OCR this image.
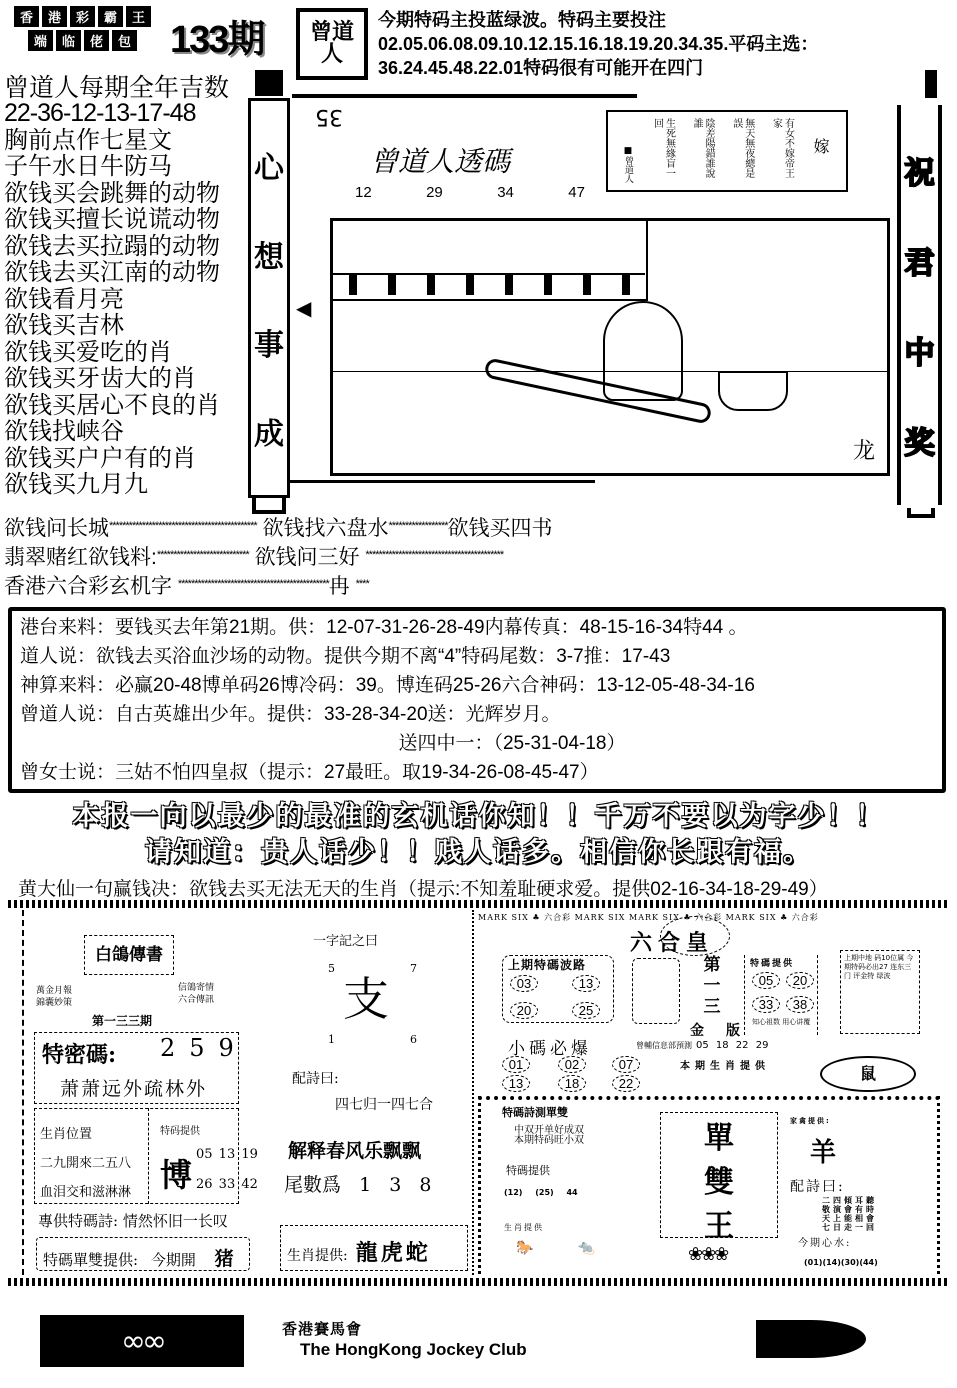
香	港	彩	霸	王
端	临	佬	包 133期	曾道人
今期特码主投蓝绿波。特码主要投注02.05.06.08.09.10.12.15.16.18.19.20.34.35.平码主选：36.24.45.48.22.01特码很有可能开在四门
曾道人每期全年吉数
22-36-12-13-17-48
胸前点作七星文
子午水日牛防马
欲钱买会跳舞的动物
欲钱买擅长说谎动物
欲钱去买拉蹋的动物
欲钱去买江南的动物
欲钱看月亮
欲钱买吉林
欲钱买爱吃的肖
欲钱买牙齿大的肖
欲钱买居心不良的肖
欲钱找峡谷
欲钱买户户有的肖
欲钱买九月九
心
想
事
成
祝
君
中
奖
35
曾道人透碼
12	29	34	47
嫁
有女不嫁帝王家
無天無夜總是誤
陰差陽錯誰說誰
生死無緣盲一回
■曾道人
◀
龙
欲钱问长城********************************************* 欲钱找六盘水******************欲钱买四书
翡翠赌红欲钱料:**************************** 欲钱问三好 ******************************************
香港六合彩玄机字 **********************************************冉 ****
港台来料：要钱买去年第21期。供：12-07-31-26-28-49内幕传真：48-15-16-34特44 。
道人说：欲钱去买浴血沙场的动物。提供今期不离“4”特码尾数：3-7推：17-43
神算来料：必赢20-48博单码26博冷码：39。博连码25-26六合神码：13-12-05-48-34-16
曾道人说：自古英雄出少年。提供：33-28-34-20送：光辉岁月。
送四中一：（25-31-04-18）
曾女士说：三姑不怕四皇叔（提示：27最旺。取19-34-26-08-45-47）
本报一向以最少的最准的玄机话你知！！千万不要以为字少！！
请知道：贵人话少！！贱人话多。相信你长跟有福。
黄大仙一句赢钱决：欲钱去买无法无天的生肖（提示:不知羞耻硬求爱。提供02-16-34-18-29-49）
白鴿傳書
萬金月報 錦囊妙策
信鴿寄情 六合傳訊
第一三三期
特密碼: 259
萧萧远外疏林外
生肖位置
二九開來二五八
血泪交和滋淋淋
特码提供
博
05 13 19
26 33 42
專供特碼詩: 情然怀旧一长叹
特碼單雙提供: 今期開 猪
一字記之曰
5	7
1	6
支
配詩曰:
四七归一四七合
解释春风乐飘飘
尾數爲 1 3 8
生肖提供: 龍虎蛇
MARK SIX ♣ 六合彩 MARK SIX MARK SIX ♣ 六合彩 MARK SIX ♣ 六合彩
六合皇
上期特碼波路
03	13
20	25
第
一
三
金版
特碼提供
05	20
33	38
知心祖数 用心讲覆
上期中地 码10位属 今期特码必出27 连东三门 评金特 绿波
小碼必爆	曾輔信息部預測 05 18 22 29
01	02	07
13	18	22
本期生肖提供	鼠
特碼詩測單雙
中双开单好成双
本期特码旺小双
特碼提供
(12) (25) 44
生肖提供
🐎 🐀
單
雙
王
❀❀❀
家禽提供:
羊
配詩曰:
二四傾耳聽
敬演會有時
天上能相會
七日走一回
今期心水:
(01)(14)(30)(44)
∞∞	香港賽馬會
The HongKong Jockey Club
